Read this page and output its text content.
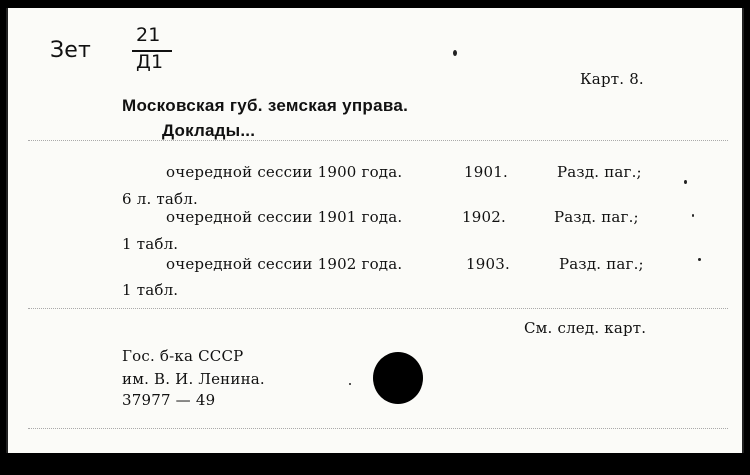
Зет
21
Д1
Карт. 8.
Московская губ. земская управа.
Доклады...
очередной сессии 1900 года.	1901.	Разд. паг.;
6 л. табл.
очередной сессии 1901 года.	1902.	Разд. паг.;
1 табл.
очередной сессии 1902 года.	1903.	Разд. паг.;
1 табл.
См. след. карт.
Гос. б-ка СССР
им. В. И. Ленина.
37977 — 49
